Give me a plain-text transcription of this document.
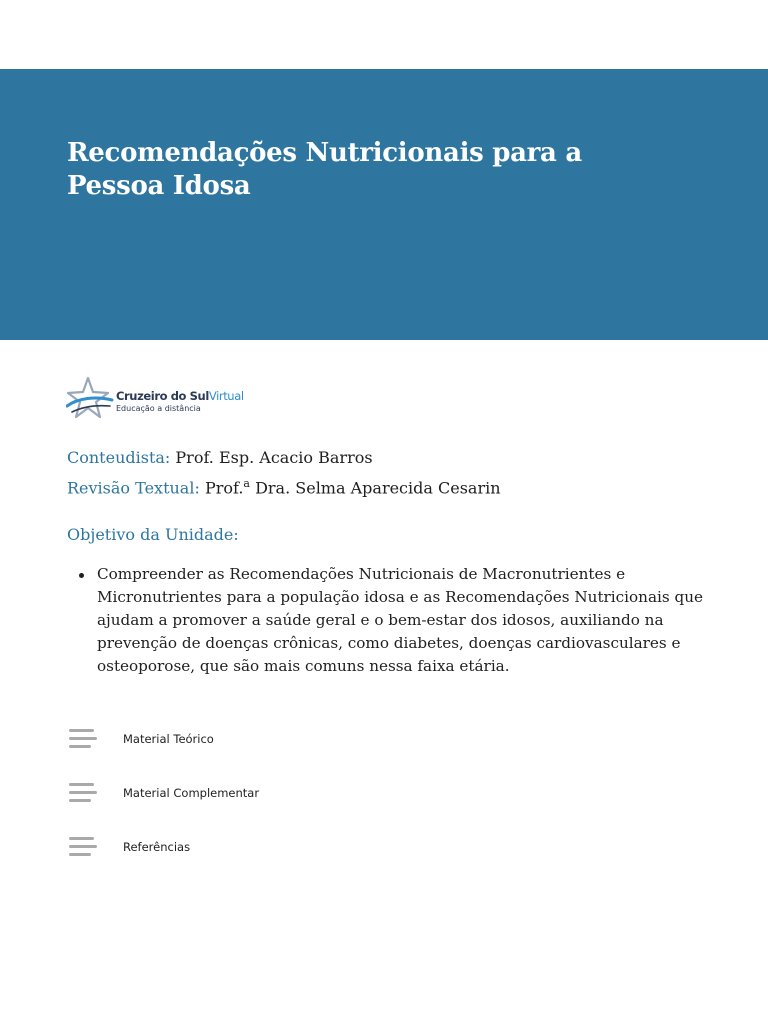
Recomendações Nutricionais para a Pessoa Idosa
Cruzeiro do SulVirtual
Educação a distância
Conteudista: Prof. Esp. Acacio Barros
Revisão Textual: Prof.$^a$ Dra. Selma Aparecida Cesarin
Objetivo da Unidade:
Compreender as Recomendações Nutricionais de Macronutrientes e Micronutrientes para a população idosa e as Recomendações Nutricionais que ajudam a promover a saúde geral e o bem-estar dos idosos, auxiliando na prevenção de doenças crônicas, como diabetes, doenças cardiovasculares e osteoporose, que são mais comuns nessa faixa etária.
Material Teórico
Material Complementar
Referências
